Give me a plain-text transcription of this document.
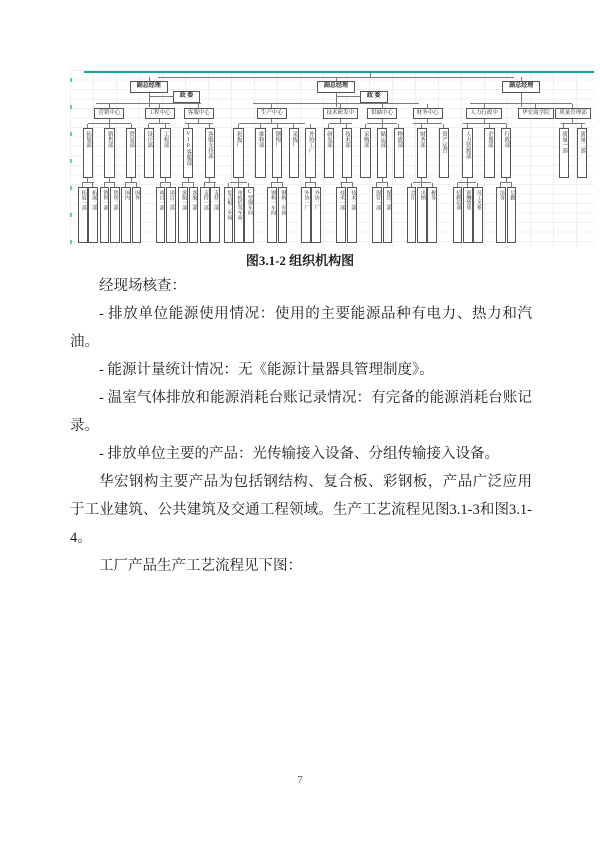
副总经理
政 委
营销中心
拓展部
拓展一部	拓展二部
销售部
销售一部	销售二部
贸易部
国内	国外
工程中心
设计部	工程部
项目一部	项目二部
客服中心
VIP客服部
客服一部	客服二部
客服支持部
支持一部	支持二部
副总经理
政 委
生产中心
彩板厂
复合板二车间	单板折弯车间	C型钢车间
维修部	钢构厂
钢构一车间	钢构二车间
采板厂	外协工厂
外协一厂	外协二厂
技术研发中
研发部	技术部
技术一部	技术二部
供储中心
采购部	储运部
保管一部	保管二部
物流部
财务中心
财务部
会计	出纳	税务
资产运营
副总经理
人力行政中
人力资源部
招聘培训	薪酬绩效	员工关系
企划部	行政部
法务	后勤
华宏商学院	质量管理部
质量一部	质量二部
图3.1-2 组织机构图

经现场核查：

- 排放单位能源使用情况：使用的主要能源品种有电力、热力和汽油。

- 能源计量统计情况：无《能源计量器具管理制度》。

- 温室气体排放和能源消耗台账记录情况：有完备的能源消耗台账记录。

- 排放单位主要的产品：光传输接入设备、分组传输接入设备。

华宏钢构主要产品为包括钢结构、复合板、彩钢板，产品广泛应用于工业建筑、公共建筑及交通工程领域。生产工艺流程见图3.1-3和图3.1-4。

工厂产品生产工艺流程见下图：

7
